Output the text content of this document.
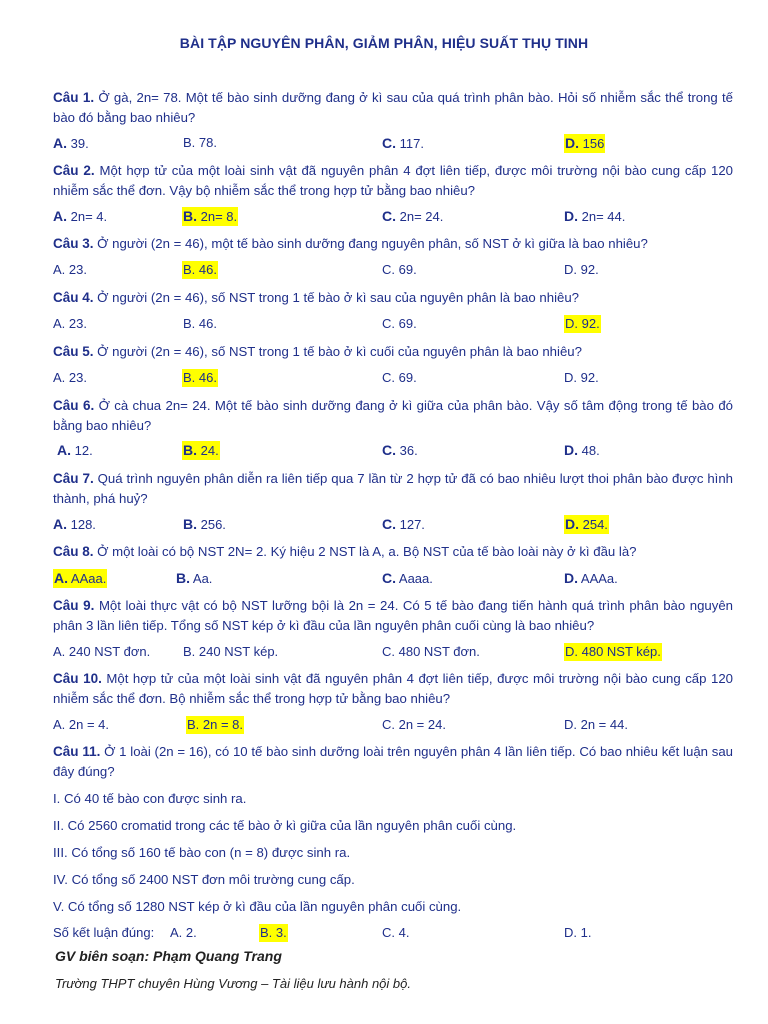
BÀI TẬP NGUYÊN PHÂN, GIẢM PHÂN, HIỆU SUẤT THỤ TINH
Câu 1. Ở gà, 2n= 78. Một tế bào sinh dưỡng đang ở kì sau của quá trình phân bào. Hỏi số nhiễm sắc thể trong tế bào đó bằng bao nhiêu?
A. 39.	B. 78.	C. 117.	D. 156
Câu 2. Một hợp tử của một loài sinh vật đã nguyên phân 4 đợt liên tiếp, được môi trường nội bào cung cấp 120 nhiễm sắc thể đơn. Vậy bộ nhiễm sắc thể trong hợp tử bằng bao nhiêu?
A. 2n= 4.	B. 2n= 8.	C. 2n= 24.	D. 2n= 44.
Câu 3. Ở người (2n = 46), một tế bào sinh dưỡng đang nguyên phân, số NST ở kì giữa là bao nhiêu?
A. 23.	B. 46.	C. 69.	D. 92.
Câu 4. Ở người (2n = 46), số NST trong 1 tế bào ở kì sau của nguyên phân là bao nhiêu?
A. 23.	B. 46.	C. 69.	D. 92.
Câu 5. Ở người (2n = 46), số NST trong 1 tế bào ở kì cuối của nguyên phân là bao nhiêu?
A. 23.	B. 46.	C. 69.	D. 92.
Câu 6. Ở cà chua 2n= 24. Một tế bào sinh dưỡng đang ở kì giữa của phân bào. Vậy số tâm động trong tế bào đó bằng bao nhiêu?
A. 12.	B. 24.	C. 36.	D. 48.
Câu 7. Quá trình nguyên phân diễn ra liên tiếp qua 7 lần từ 2 hợp tử đã có bao nhiêu lượt thoi phân bào được hình thành, phá huỷ?
A. 128.	B. 256.	C. 127.	D. 254.
Câu 8. Ở một loài có bộ NST 2N= 2. Ký hiệu 2 NST là A, a. Bộ NST của tế bào loài này ở kì đầu là?
A. AAaa.	B. Aa.	C. Aaaa.	D. AAAa.
Câu 9. Một loài thực vật có bộ NST lưỡng bội là 2n = 24. Có 5 tế bào đang tiến hành quá trình phân bào nguyên phân 3 lần liên tiếp. Tổng số NST kép ở kì đầu của lần nguyên phân cuối cùng là bao nhiêu?
A. 240 NST đơn.	B. 240 NST kép.	C. 480 NST đơn.	D. 480 NST kép.
Câu 10. Một hợp tử của một loài sinh vật đã nguyên phân 4 đợt liên tiếp, được môi trường nội bào cung cấp 120 nhiễm sắc thể đơn. Bộ nhiễm sắc thể trong hợp tử bằng bao nhiêu?
A. 2n = 4.	B. 2n = 8.	C. 2n = 24.	D. 2n = 44.
Câu 11. Ở 1 loài (2n = 16), có 10 tế bào sinh dưỡng loài trên nguyên phân 4 lần liên tiếp. Có bao nhiêu kết luận sau đây đúng?
I. Có 40 tế bào con được sinh ra.
II. Có 2560 cromatid trong các tế bào ở kì giữa của lần nguyên phân cuối cùng.
III. Có tổng số 160 tế bào con (n = 8) được sinh ra.
IV. Có tổng số 2400 NST đơn môi trường cung cấp.
V. Có tổng số 1280 NST kép ở kì đầu của lần nguyên phân cuối cùng.
Số kết luận đúng: A. 2.	B. 3.	C. 4.	D. 1.
GV biên soạn: Phạm Quang Trang
Trường THPT chuyên Hùng Vương – Tài liệu lưu hành nội bộ.
